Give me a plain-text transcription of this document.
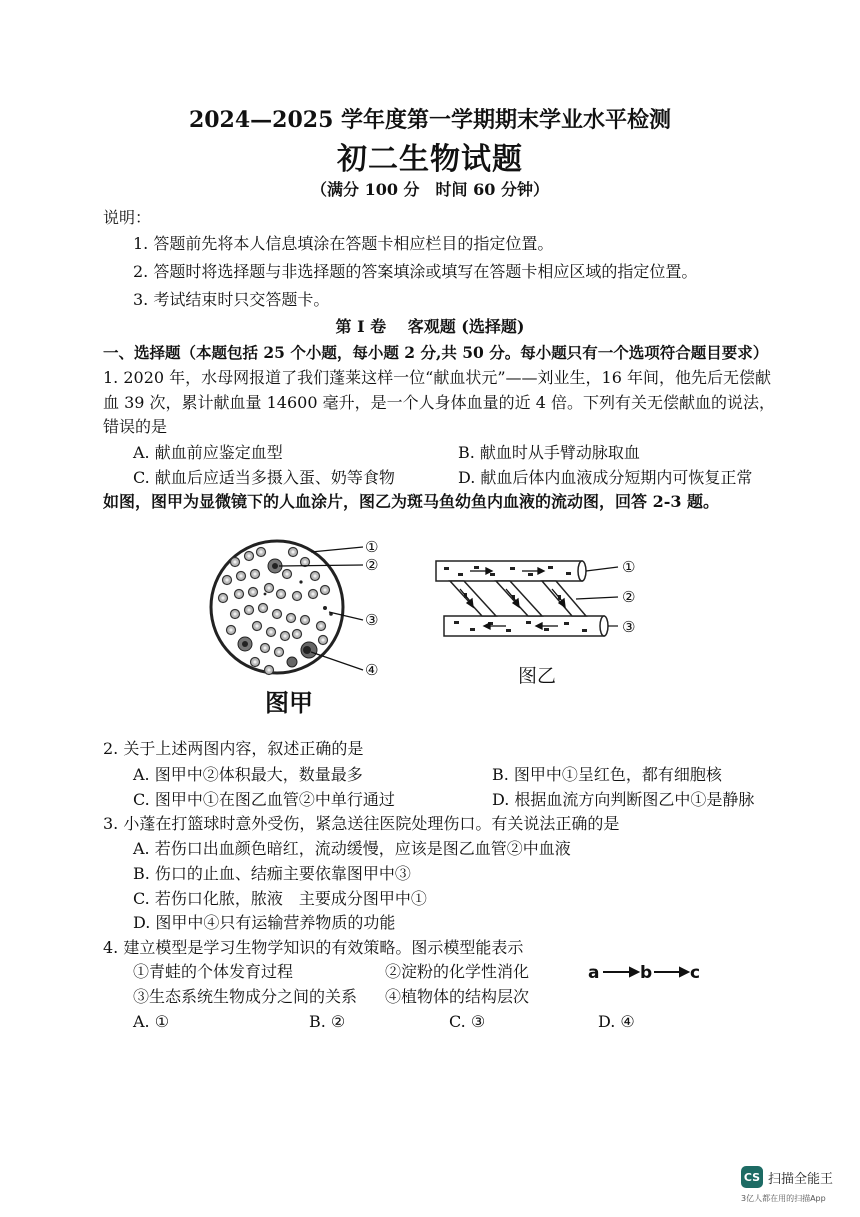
2024—2025 学年度第一学期期末学业水平检测
初二生物试题
（满分 100 分　时间 60 分钟）
说明：
1. 答题前先将本人信息填涂在答题卡相应栏目的指定位置。
2. 答题时将选择题与非选择题的答案填涂或填写在答题卡相应区域的指定位置。
3. 考试结束时只交答题卡。
第 I 卷　 客观题 (选择题)
一、选择题（本题包括 25 个小题，每小题 2 分,共 50 分。每小题只有一个选项符合题目要求）
1. 2020 年，水母网报道了我们蓬莱这样一位“献血状元”——刘业生，16 年间，他先后无偿献
血 39 次，累计献血量 14600 毫升，是一个人身体血量的近 4 倍。下列有关无偿献血的说法，
错误的是
A. 献血前应鉴定血型	B. 献血时从手臂动脉取血
C. 献血后应适当多摄入蛋、奶等食物	D. 献血后体内血液成分短期内可恢复正常
如图，图甲为显微镜下的人血涂片，图乙为斑马鱼幼鱼内血液的流动图，回答 2-3 题。
①
②
③
④
图甲
①
②
③
图乙
2. 关于上述两图内容，叙述正确的是
A. 图甲中②体积最大，数量最多	B. 图甲中①呈红色，都有细胞核
C. 图甲中①在图乙血管②中单行通过	D. 根据血流方向判断图乙中①是静脉
3. 小蓬在打篮球时意外受伤，紧急送往医院处理伤口。有关说法正确的是
A. 若伤口出血颜色暗红，流动缓慢，应该是图乙血管②中血液
B. 伤口的止血、结痂主要依靠图甲中③
C. 若伤口化脓，脓液　主要成分图甲中①
D. 图甲中④只有运输营养物质的功能
4. 建立模型是学习生物学知识的有效策略。图示模型能表示
①青蛙的个体发育过程	②淀粉的化学性消化
③生态系统生物成分之间的关系 ④植物体的结构层次
a b c
A. ①	B. ②	C. ③	D. ④
CS 扫描全能王
3亿人都在用的扫描App
